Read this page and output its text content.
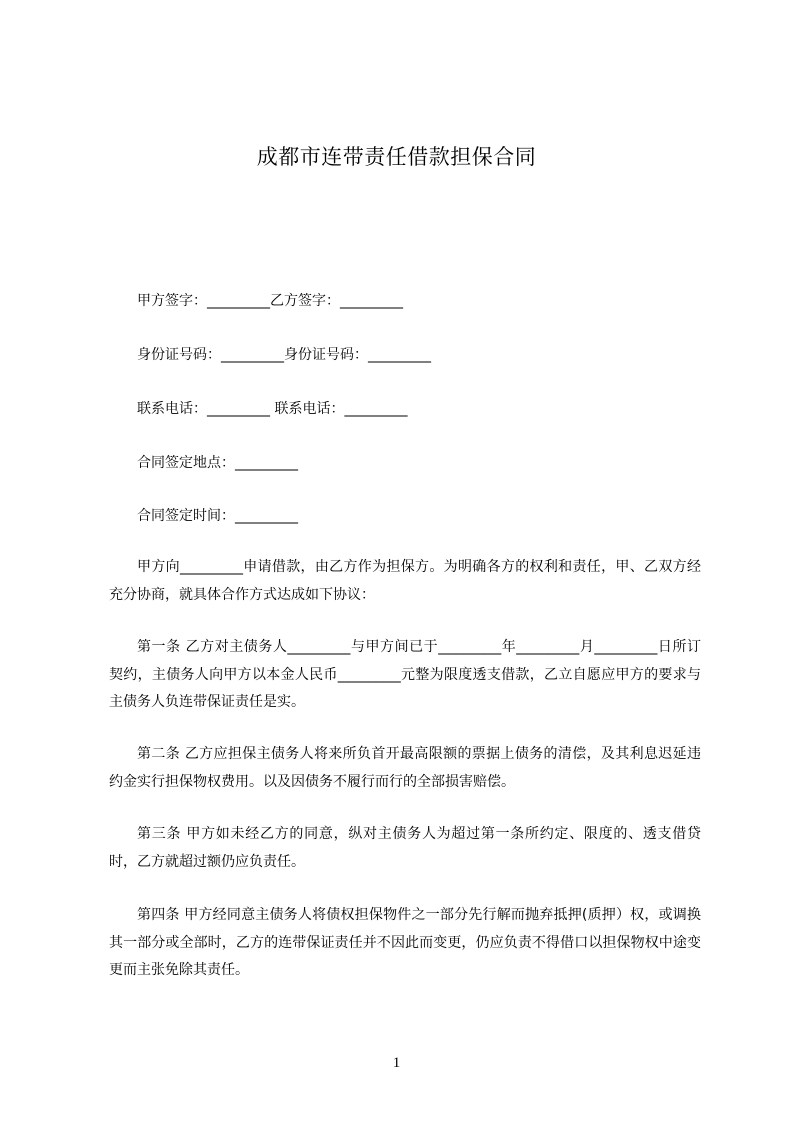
成都市连带责任借款担保合同
甲方签字：_________乙方签字：_________
身份证号码：_________身份证号码：_________
联系电话：_________ 联系电话：_________
合同签定地点：_________
合同签定时间：_________
甲方向_________申请借款，由乙方作为担保方。为明确各方的权利和责任，甲、乙双方经充分协商，就具体合作方式达成如下协议：
第一条 乙方对主债务人_________与甲方间已于_________年_________月_________日所订契约，主债务人向甲方以本金人民币_________元整为限度透支借款，乙立自愿应甲方的要求与主债务人负连带保证责任是实。
第二条 乙方应担保主债务人将来所负首开最高限额的票据上债务的清偿，及其利息迟延违约金实行担保物权费用。以及因债务不履行而行的全部损害赔偿。
第三条 甲方如未经乙方的同意，纵对主债务人为超过第一条所约定、限度的、透支借贷时，乙方就超过额仍应负责任。
第四条 甲方经同意主债务人将债权担保物件之一部分先行解而抛弃抵押(质押）权，或调换其一部分或全部时，乙方的连带保证责任并不因此而变更，仍应负责不得借口以担保物权中途变更而主张免除其责任。
1
